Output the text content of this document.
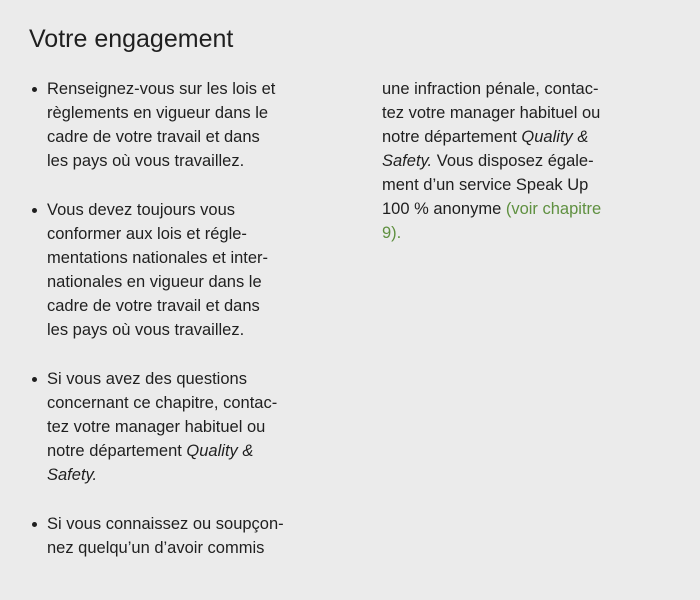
Votre engagement
Renseignez-vous sur les lois et
règlements en vigueur dans le
cadre de votre travail et dans
les pays où vous travaillez.
Vous devez toujours vous
conformer aux lois et régle-
mentations nationales et inter-
nationales en vigueur dans le
cadre de votre travail et dans
les pays où vous travaillez.
Si vous avez des questions
concernant ce chapitre, contac-
tez votre manager habituel ou
notre département Quality &
Safety.
Si vous connaissez ou soupçon-
nez quelqu’un d’avoir commis
une infraction pénale, contac-
tez votre manager habituel ou
notre département Quality &
Safety. Vous disposez égale-
ment d’un service Speak Up
100 % anonyme (voir chapitre
9).
